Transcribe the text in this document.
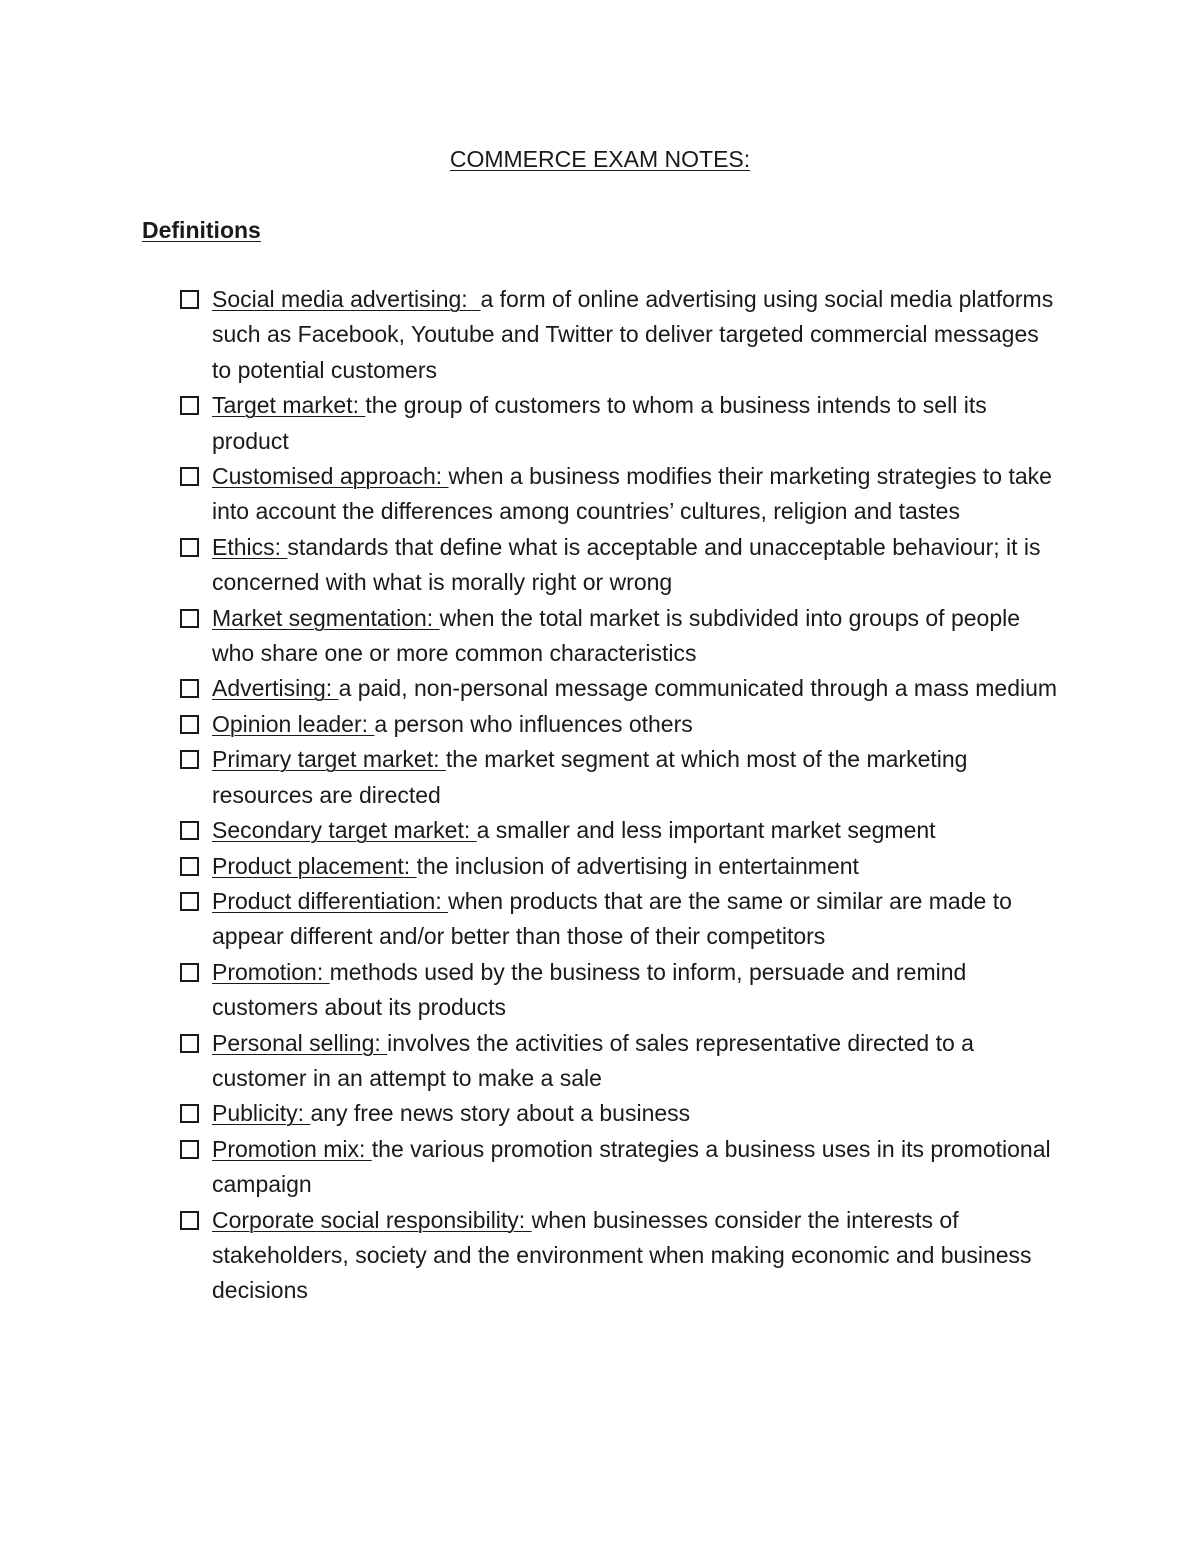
COMMERCE EXAM NOTES:
Definitions
Social media advertising:  a form of online advertising using social media platforms such as Facebook, Youtube and Twitter to deliver targeted commercial messages to potential customers
Target market: the group of customers to whom a business intends to sell its product
Customised approach: when a business modifies their marketing strategies to take into account the differences among countries’ cultures, religion and tastes
Ethics: standards that define what is acceptable and unacceptable behaviour; it is concerned with what is morally right or wrong
Market segmentation: when the total market is subdivided into groups of people who share one or more common characteristics
Advertising: a paid, non-personal message communicated through a mass medium
Opinion leader: a person who influences others
Primary target market: the market segment at which most of the marketing resources are directed
Secondary target market: a smaller and less important market segment
Product placement: the inclusion of advertising in entertainment
Product differentiation: when products that are the same or similar are made to appear different and/or better than those of their competitors
Promotion: methods used by the business to inform, persuade and remind customers about its products
Personal selling: involves the activities of sales representative directed to a customer in an attempt to make a sale
Publicity: any free news story about a business
Promotion mix: the various promotion strategies a business uses in its promotional campaign
Corporate social responsibility: when businesses consider the interests of stakeholders, society and the environment when making economic and business decisions
